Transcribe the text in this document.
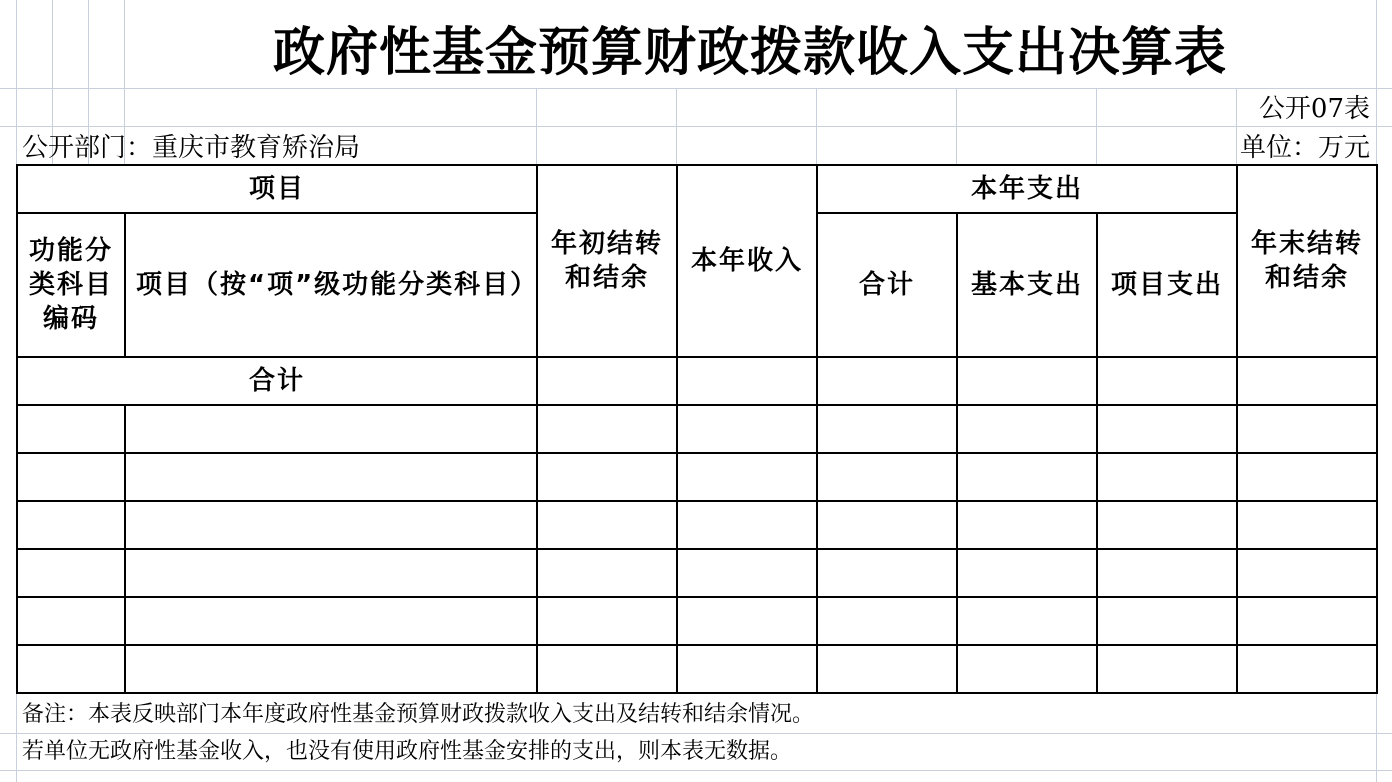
政府性基金预算财政拨款收入支出决算表
公开07表
公开部门：重庆市教育矫治局	单位：万元
项目		年初结转和结余	本年收入	本年支出			年末结转和结余
功能分类科目编码	项目（按“项”级功能分类科目）			合计	基本支出	项目支出	
合计							

备注：本表反映部门本年度政府性基金预算财政拨款收入支出及结转和结余情况。
若单位无政府性基金收入，也没有使用政府性基金安排的支出，则本表无数据。
